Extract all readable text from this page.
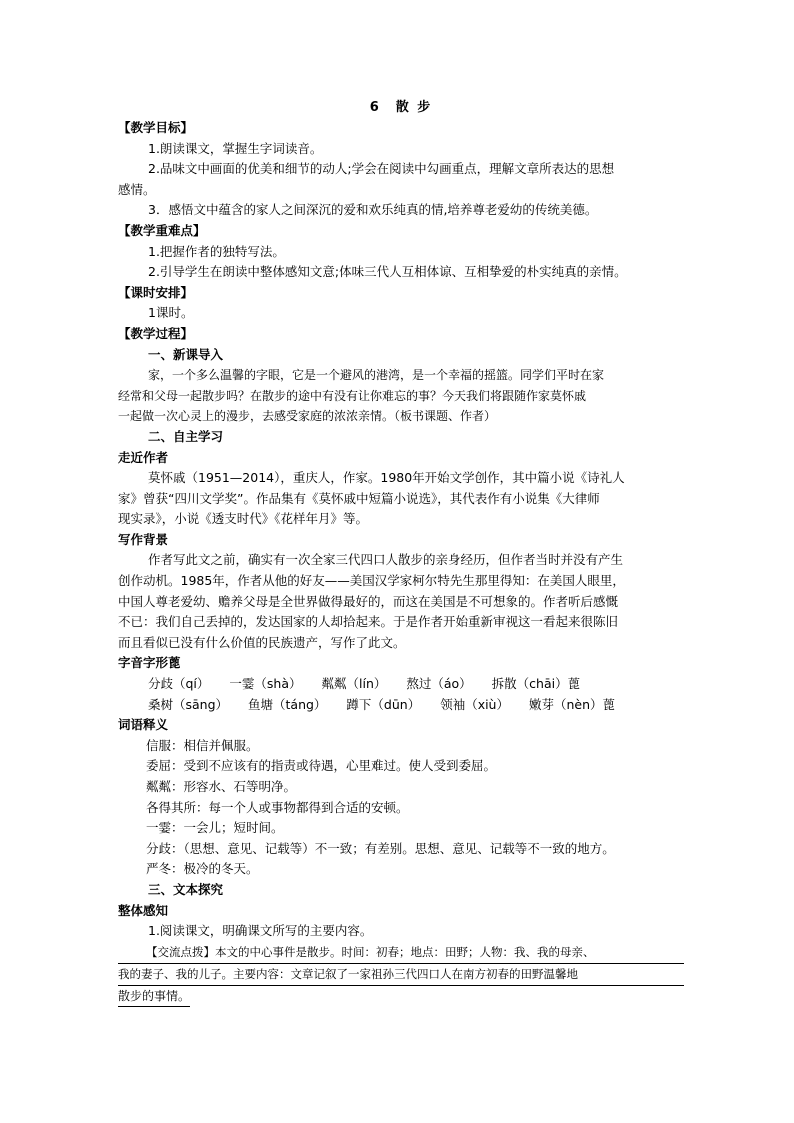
6　散 步
【教学目标】
1.朗读课文，掌握生字词读音。
2.品味文中画面的优美和细节的动人;学会在阅读中勾画重点，理解文章所表达的思想
感情。
3．感悟文中蕴含的家人之间深沉的爱和欢乐纯真的情,培养尊老爱幼的传统美德。
【教学重难点】
1.把握作者的独特写法。
2.引导学生在朗读中整体感知文意;体味三代人互相体谅、互相挚爱的朴实纯真的亲情。
【课时安排】
1课时。
【教学过程】
一、新课导入
家，一个多么温馨的字眼，它是一个避风的港湾，是一个幸福的摇篮。同学们平时在家
经常和父母一起散步吗？在散步的途中有没有让你难忘的事？今天我们将跟随作家莫怀戚
一起做一次心灵上的漫步，去感受家庭的浓浓亲情。（板书课题、作者）
二、自主学习
走近作者
莫怀戚（1951—2014），重庆人，作家。1980年开始文学创作，其中篇小说《诗礼人
家》曾获“四川文学奖”。作品集有《莫怀戚中短篇小说选》，其代表作有小说集《大律师
现实录》，小说《透支时代》《花样年月》等。
写作背景
作者写此文之前，确实有一次全家三代四口人散步的亲身经历，但作者当时并没有产生
创作动机。1985年，作者从他的好友——美国汉学家柯尔特先生那里得知：在美国人眼里，
中国人尊老爱幼、赡养父母是全世界做得最好的，而这在美国是不可想象的。作者听后感慨
不已：我们自己丢掉的，发达国家的人却拾起来。于是作者开始重新审视这一看起来很陈旧
而且看似已没有什么价值的民族遗产，写作了此文。
字音字形蓖
分歧（qí） 一霎（shà） 粼粼（lín） 熬过（áo） 拆散（chāi）蓖
桑树（sāng） 鱼塘（táng） 蹲下（dūn） 领袖（xiù） 嫩芽（nèn）蓖
词语释义
信服：相信并佩服。
委屈：受到不应该有的指责或待遇，心里难过。使人受到委屈。
粼粼：形容水、石等明净。
各得其所：每一个人或事物都得到合适的安顿。
一霎：一会儿；短时间。
分歧：（思想、意见、记载等）不一致；有差别。思想、意见、记载等不一致的地方。
严冬：极冷的冬天。
三、文本探究
整体感知
1.阅读课文，明确课文所写的主要内容。
【交流点拨】本文的中心事件是散步。时间：初春；地点：田野；人物：我、我的母亲、
我的妻子、我的儿子。主要内容：文章记叙了一家祖孙三代四口人在南方初春的田野温馨地
散步的事情。
